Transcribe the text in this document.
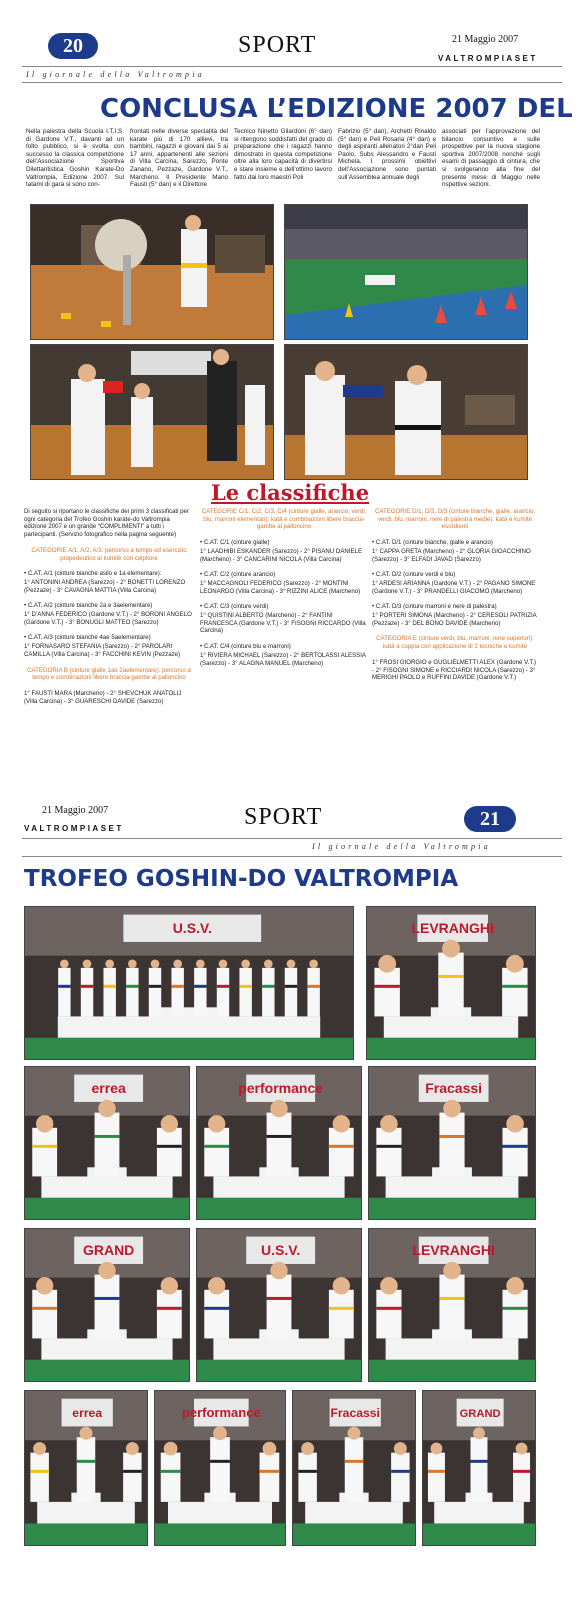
20	SPORT	21 Maggio 2007
VALTROMPIASET
Il giornale della Valtrompia
CONCLUSA L’EDIZIONE 2007 DEL
Nella palestra della Scuola I.T.I.S. di Gardone V.T., davanti ad un folto pubblico, si è svolta con successo la classica competizione dell’Associazione Sportiva Dilettantistica Goshin Karate-Do Valtrompia, Edizione 2007. Sul tatami di gara si sono con-
frontati nelle diverse specialità del karate più di 170 allievi, tra bambini, ragazzi e giovani dai 5 ai 17 anni, appartenenti alle sezioni di Villa Carcina, Sarezzo, Ponte Zanano, Pezzaze, Gardone V.T., Marcheno. Il Presidente Mario Fausti (5° dan) e il Direttore
Tecnico Ninetto Gilardoni (6° dan) si ritengono soddisfatti del grado di preparazione che i ragazzi hanno dimostrato in questa competizione oltre alla loro capacità di divertirsi e stare insieme e dell’ottimo lavoro fatto dai loro maestri Poli
Fabrizio (5° dan), Archetti Rinaldo (5° dan) e Peli Rosaria (4° dan) e degli aspiranti allenatori 2°dan Peli Paolo, Subs Alessandro e Fausti Michela. I prossimi obiettivi dell’Associazione sono puntati sull’Assemblea annuale degli
associati per l’approvazione del bilancio consuntivo e sulle prospettive per la nuova stagione sportiva 2007/2008 nonché sugli esami di passaggio di cintura, che si svolgeranno alla fine del presente mese di Maggio nelle rispettive sezioni.
Le classifiche

Di seguito si riportano le classifiche dei primi 3 classificati per ogni categoria del Trofeo Goshin karate-do Valtrompia edizione 2007 e un grande “COMPLIMENTI” a tutti i partecipanti. (Servizio fotografico nella pagina seguente)

CATEGORIE A/1, A/2, A/3: percorso a tempo ed esercizio propedeutico al kumitè con colpitore

• C.AT. A/1 (cinture bianche asilo e 1a elementare):

1° ANTONINI ANDREA (Sarezzo) - 2° BONETTI LORENZO (Pezzaze) - 3° CAVAGNA MATTIA (Villa Carcina)

• C.AT. A/2 (cinture bianche 2a e 3aelementare)

1° D’ANNA FEDERICO (Gardone V.T.) - 2° BORONI ANGELO (Gardone V.T.) - 3° BONUGLI MATTEO (Sarezzo)

• C.AT. A/3 (cinture bianche 4ae 5aelementare)

1° FORNASARO STEFANIA (Sarezzo) - 2° PAROLARI CAMILLA (Villa Carcina) - 3° FACCHINI KEVIN (Pezzaze)

CATEGORIA B (cinture gialle 1ae 2aelementare): percorso a tempo e combinazioni libere braccia-gambe al palloncino

1° FAUSTI MARA (Marcheno) - 2° SHEVCHUK ANATOLIJ (Villa Carcina) - 3° GUARESCHI DAVIDE (Sarezzo)

CATEGORIE C/1, C/2, C/3, C/4 (cinture gialle, arancio, verdi, blu, marroni elementari): katà e combinazioni libere braccia-gambe al palloncino

• C.AT. C/1 (cinture gialle)

1° LAADHIBI ESKANDER (Sarezzo) - 2° PISANU DANIELE (Marcheno) - 3° CANCARINI NICOLA (Villa Carcina)

• C.AT. C/2 (cinture arancio)

1° MACCAGNOLI FEDERICO (Sarezzo) - 2° MONTINI LEONARDO (Villa Carcina) - 3° RIZZINI ALICE (Marcheno)

• C.AT. C/3 (cinture verdi)

1° QUISTINI ALBERTO (Marcheno) - 2° FANTINI FRANCESCA (Gardone V.T.) - 3° FISOGNI RICCARDO (Villa Carcina)

• C.AT. C/4 (cinture blu e marroni)

1° RIVIERA MICHAEL (Sarezzo) - 2° BERTOLASSI ALESSIA (Sarezzo) - 3° ALAGNA MANUEL (Marcheno)

CATEGORIE D/1, D/2, D/3 (cinture bianche, gialle, arancio, verdi, blu, marroni, nere di palestra medie): katà e kumitè esordienti

• C.AT. D/1 (cinture bianche, gialle e arancio)

1° CAPPA GRETA (Marcheno) - 2° GLORIA GIOACCHINO (Sarezzo) - 3° ELFADI JAVAD (Sarezzo)

• C.AT. D/2 (cinture verdi e blu)

1° ARDESI ARIANNA (Gardone V.T.) - 2° PAGANO SIMONE (Gardone V.T.) - 3° PRANDELLI GIACOMO (Marcheno)

• C.AT. D/3 (cinture marroni e nere di palestra)

1° PORTERI SIMONA (Marcheno) - 2° CERESOLI PATRIZIA (Pezzaze) - 3° DEL BONO DAVIDE (Marcheno)

CATEGORIA E (cinture verdi, blu, marroni, nere superiori): katà a coppia con applicazione di 2 tecniche e kumitè

1° FROSI GIORGIO e GUGLIELMETTI ALEX (Gardone V.T.) - 2° FISOGNI SIMONE e RICCIARDI NICOLA (Sarezzo) - 3° MERIGHI PAOLO e RUFFINI DAVIDE (Gardone V.T.)

21 Maggio 2007	SPORT	21
VALTROMPIASET
Il giornale della Valtrompia
TROFEO GOSHIN-DO VALTROMPIA
U.S.V.	LEVRANGHI
errea	performance	Fracassi
GRAND	U.S.V.	LEVRANGHI
errea	performance	Fracassi	GRAND
